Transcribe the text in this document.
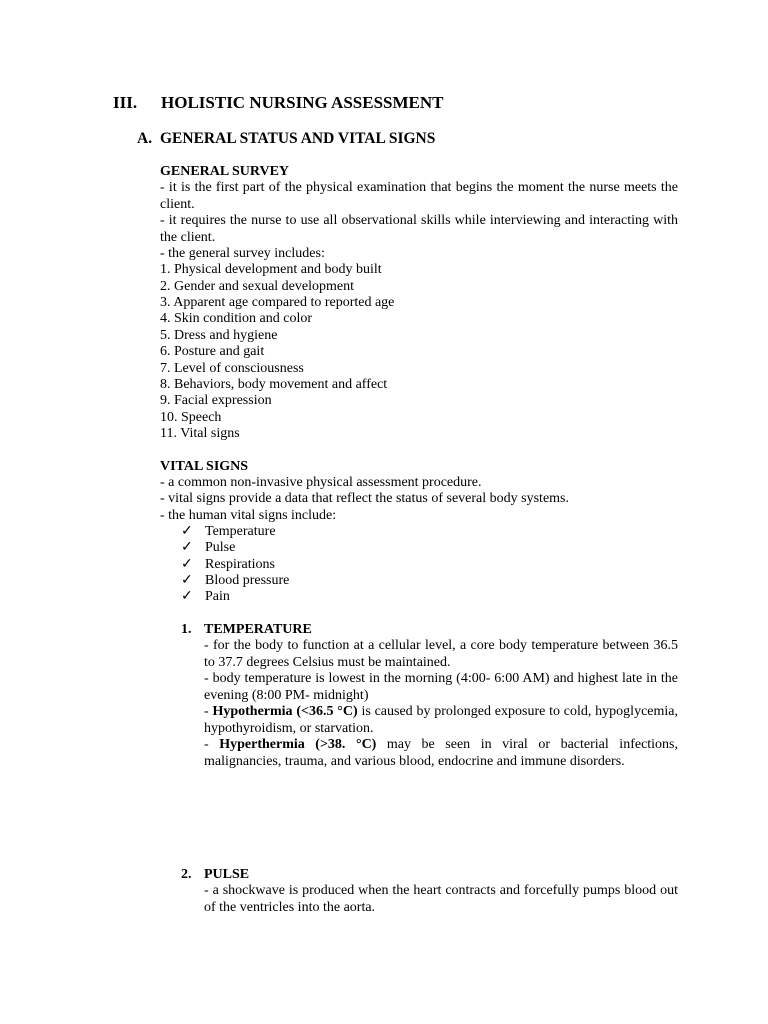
III. HOLISTIC NURSING ASSESSMENT
A. GENERAL STATUS AND VITAL SIGNS
GENERAL SURVEY
- it is the first part of the physical examination that begins the moment the nurse meets the client.
- it requires the nurse to use all observational skills while interviewing and interacting with the client.
- the general survey includes:
1. Physical development and body built
2. Gender and sexual development
3. Apparent age compared to reported age
4. Skin condition and color
5. Dress and hygiene
6. Posture and gait
7. Level of consciousness
8. Behaviors, body movement and affect
9. Facial expression
10. Speech
11. Vital signs
VITAL SIGNS
- a common non-invasive physical assessment procedure.
- vital signs provide a data that reflect the status of several body systems.
- the human vital signs include:
✓ Temperature
✓ Pulse
✓ Respirations
✓ Blood pressure
✓ Pain
1. TEMPERATURE
- for the body to function at a cellular level, a core body temperature between 36.5 to 37.7 degrees Celsius must be maintained.
- body temperature is lowest in the morning (4:00- 6:00 AM) and highest late in the evening (8:00 PM- midnight)
- Hypothermia (<36.5 °C) is caused by prolonged exposure to cold, hypoglycemia, hypothyroidism, or starvation.
- Hyperthermia (>38. °C) may be seen in viral or bacterial infections, malignancies, trauma, and various blood, endocrine and immune disorders.
2. PULSE
- a shockwave is produced when the heart contracts and forcefully pumps blood out of the ventricles into the aorta.
